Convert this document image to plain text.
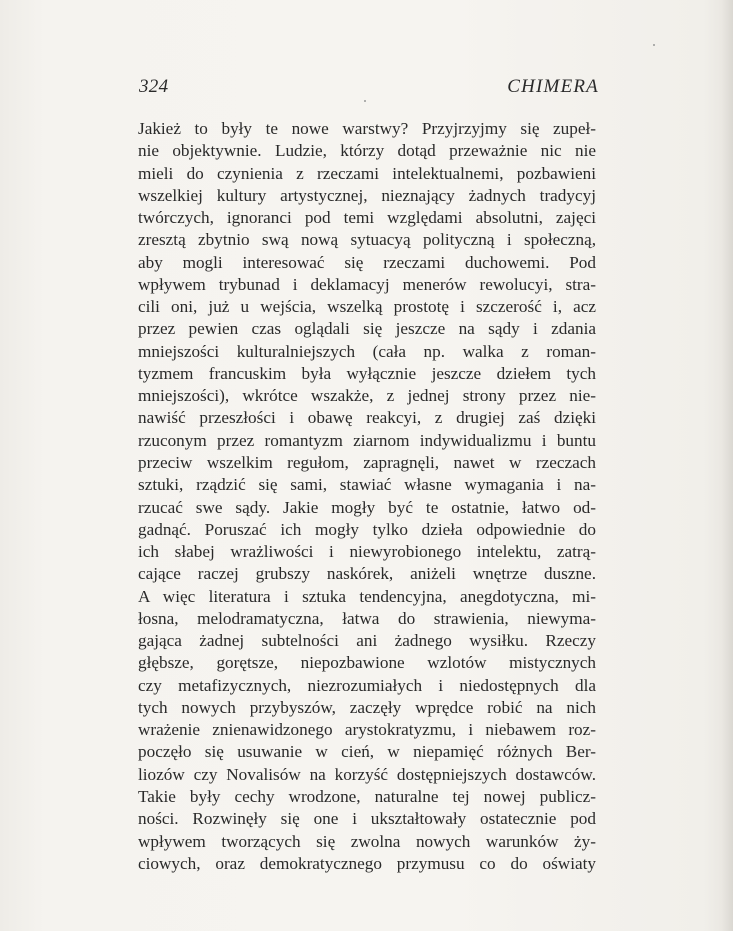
324	CHIMERA
Jakież to były te nowe warstwy? Przyjrzyjmy się zupeł-
nie objektywnie. Ludzie, którzy dotąd przeważnie nic nie
mieli do czynienia z rzeczami intelektualnemi, pozbawieni
wszelkiej kultury artystycznej, nieznający żadnych tradycyj
twórczych, ignoranci pod temi względami absolutni, zajęci
zresztą zbytnio swą nową sytuacyą polityczną i społeczną,
aby mogli interesować się rzeczami duchowemi. Pod
wpływem trybunad i deklamacyj menerów rewolucyi, stra-
cili oni, już u wejścia, wszelką prostotę i szczerość i, acz
przez pewien czas oglądali się jeszcze na sądy i zdania
mniejszości kulturalniejszych (cała np. walka z roman-
tyzmem francuskim była wyłącznie jeszcze dziełem tych
mniejszości), wkrótce wszakże, z jednej strony przez nie-
nawiść przeszłości i obawę reakcyi, z drugiej zaś dzięki
rzuconym przez romantyzm ziarnom indywidualizmu i buntu
przeciw wszelkim regułom, zapragnęli, nawet w rzeczach
sztuki, rządzić się sami, stawiać własne wymagania i na-
rzucać swe sądy. Jakie mogły być te ostatnie, łatwo od-
gadnąć. Poruszać ich mogły tylko dzieła odpowiednie do
ich słabej wrażliwości i niewyrobionego intelektu, zatrą-
cające raczej grubszy naskórek, aniżeli wnętrze duszne.
A więc literatura i sztuka tendencyjna, anegdotyczna, mi-
łosna, melodramatyczna, łatwa do strawienia, niewyma-
gająca żadnej subtelności ani żadnego wysiłku. Rzeczy
głębsze, gorętsze, niepozbawione wzlotów mistycznych
czy metafizycznych, niezrozumiałych i niedostępnych dla
tych nowych przybyszów, zaczęły wprędce robić na nich
wrażenie znienawidzonego arystokratyzmu, i niebawem roz-
poczęło się usuwanie w cień, w niepamięć różnych Ber-
liozów czy Novalisów na korzyść dostępniejszych dostawców.
Takie były cechy wrodzone, naturalne tej nowej publicz-
ności. Rozwinęły się one i ukształtowały ostatecznie pod
wpływem tworzących się zwolna nowych warunków ży-
ciowych, oraz demokratycznego przymusu co do oświaty
